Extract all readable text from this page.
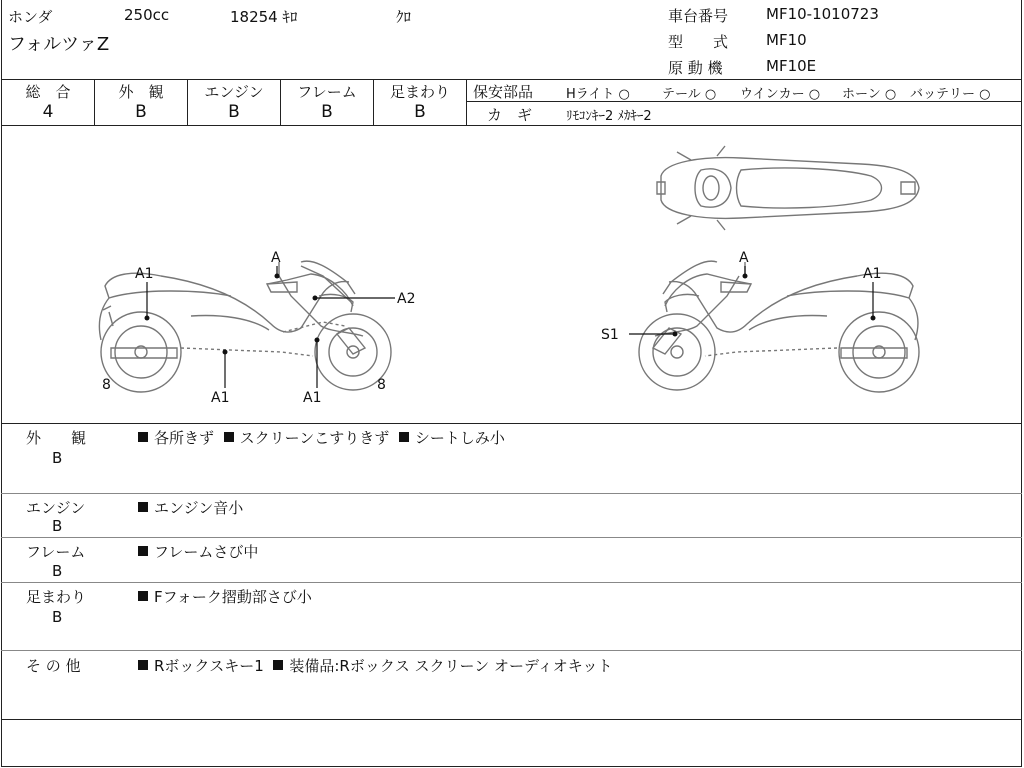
ホンダ	250cc	18254 ｷﾛ	ｸﾛ
フォルツァZ
車台番号	MF10-1010723
型　　式	MF10
原 動 機	MF10E
総　合
4
外　観
B
エンジン
B
フレーム
B
足まわり
B
保安部品	Hライト ○ テール ○ ウインカー ○ ホーン ○ バッテリー ○
カ　ギ	ﾘﾓｺﾝｷｰ2 ﾒｶｷｰ2
A1
A2
A1	A1
A
8	8
A1
S1
A
外　　観
B
各所きず スクリーンこすりきず シートしみ小
エンジン
B
エンジン音小
フレーム
B
フレームさび中
足まわり
B
Fフォーク摺動部さび小
そ の 他	Rボックスキー1 装備品:Rボックス スクリーン オーディオキット
